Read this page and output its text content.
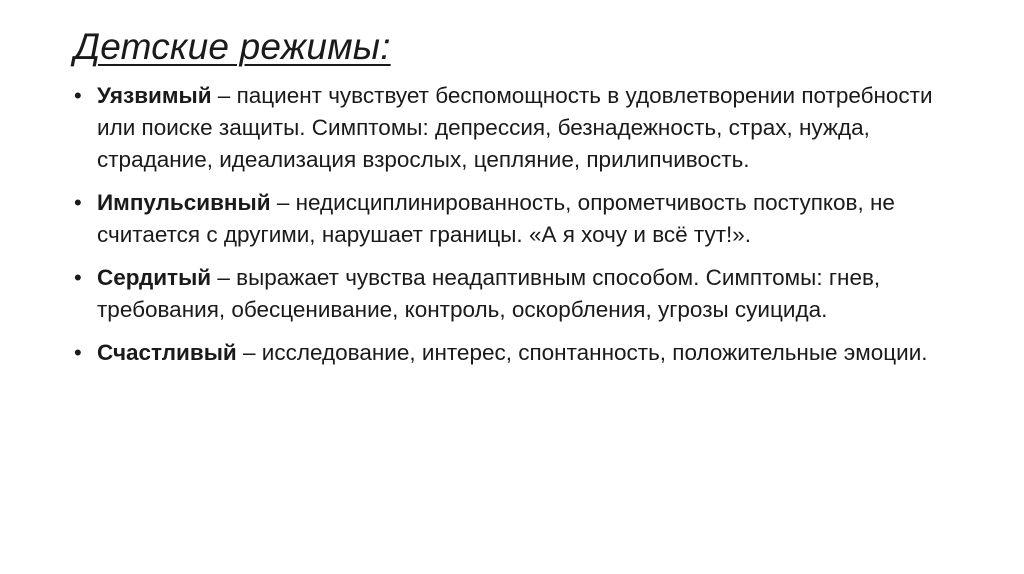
Детские режимы:
• Уязвимый – пациент чувствует беспомощность в удовлетворении потребности или поиске защиты. Симптомы: депрессия, безнадежность, страх, нужда, страдание, идеализация взрослых, цепляние, прилипчивость.
• Импульсивный – недисциплинированность, опрометчивость поступков, не считается с другими, нарушает границы. «А я хочу и всё тут!».
• Сердитый – выражает чувства неадаптивным способом. Симптомы: гнев, требования, обесценивание, контроль, оскорбления, угрозы суицида.
• Счастливый – исследование, интерес, спонтанность, положительные эмоции.
